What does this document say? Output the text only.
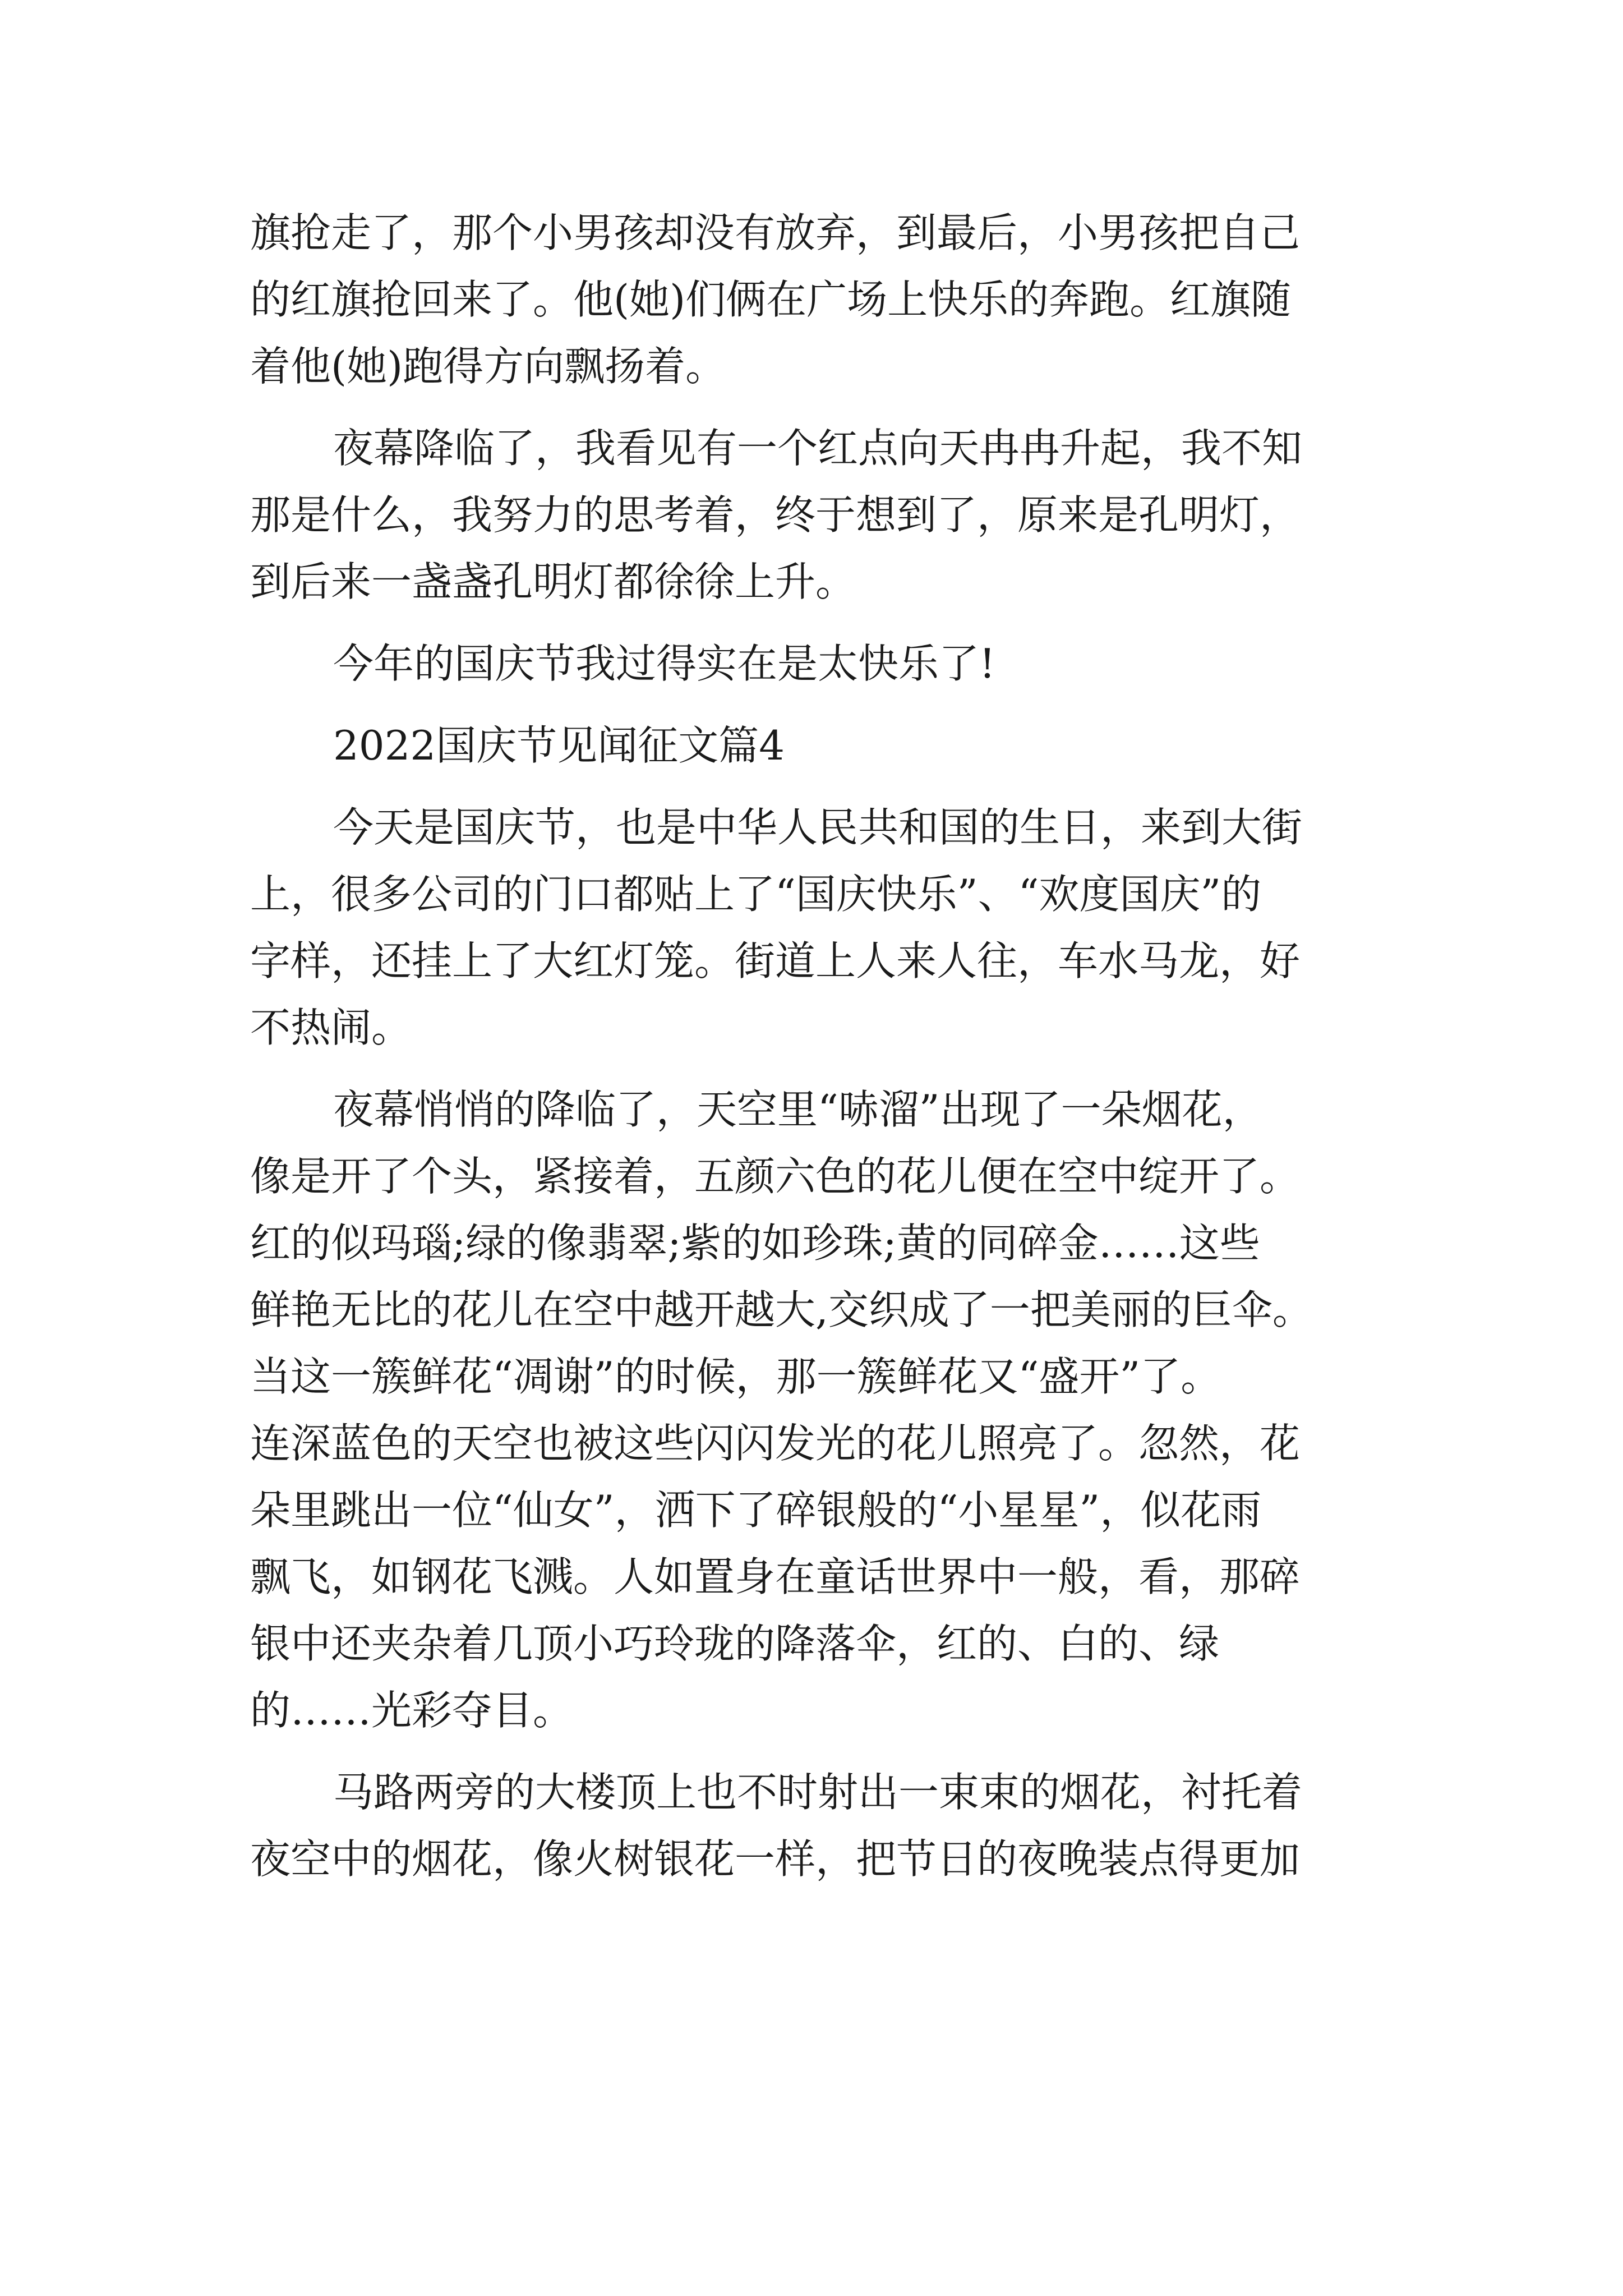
旗抢走了，那个小男孩却没有放弃，到最后，小男孩把自己
的红旗抢回来了。他(她)们俩在广场上快乐的奔跑。红旗随
着他(她)跑得方向飘扬着。
夜幕降临了，我看见有一个红点向天冉冉升起，我不知
那是什么，我努力的思考着，终于想到了，原来是孔明灯，
到后来一盏盏孔明灯都徐徐上升。
今年的国庆节我过得实在是太快乐了!
2022国庆节见闻征文篇4
今天是国庆节，也是中华人民共和国的生日，来到大街
上，很多公司的门口都贴上了“国庆快乐”、“欢度国庆”的
字样，还挂上了大红灯笼。街道上人来人往，车水马龙，好
不热闹。
夜幕悄悄的降临了，天空里“哧溜”出现了一朵烟花，
像是开了个头，紧接着，五颜六色的花儿便在空中绽开了。
红的似玛瑙;绿的像翡翠;紫的如珍珠;黄的同碎金……这些
鲜艳无比的花儿在空中越开越大,交织成了一把美丽的巨伞。
当这一簇鲜花“凋谢”的时候，那一簇鲜花又“盛开”了。
连深蓝色的天空也被这些闪闪发光的花儿照亮了。忽然，花
朵里跳出一位“仙女”，洒下了碎银般的“小星星”，似花雨
飘飞，如钢花飞溅。人如置身在童话世界中一般，看，那碎
银中还夹杂着几顶小巧玲珑的降落伞，红的、白的、绿
的……光彩夺目。
马路两旁的大楼顶上也不时射出一束束的烟花，衬托着
夜空中的烟花，像火树银花一样，把节日的夜晚装点得更加
